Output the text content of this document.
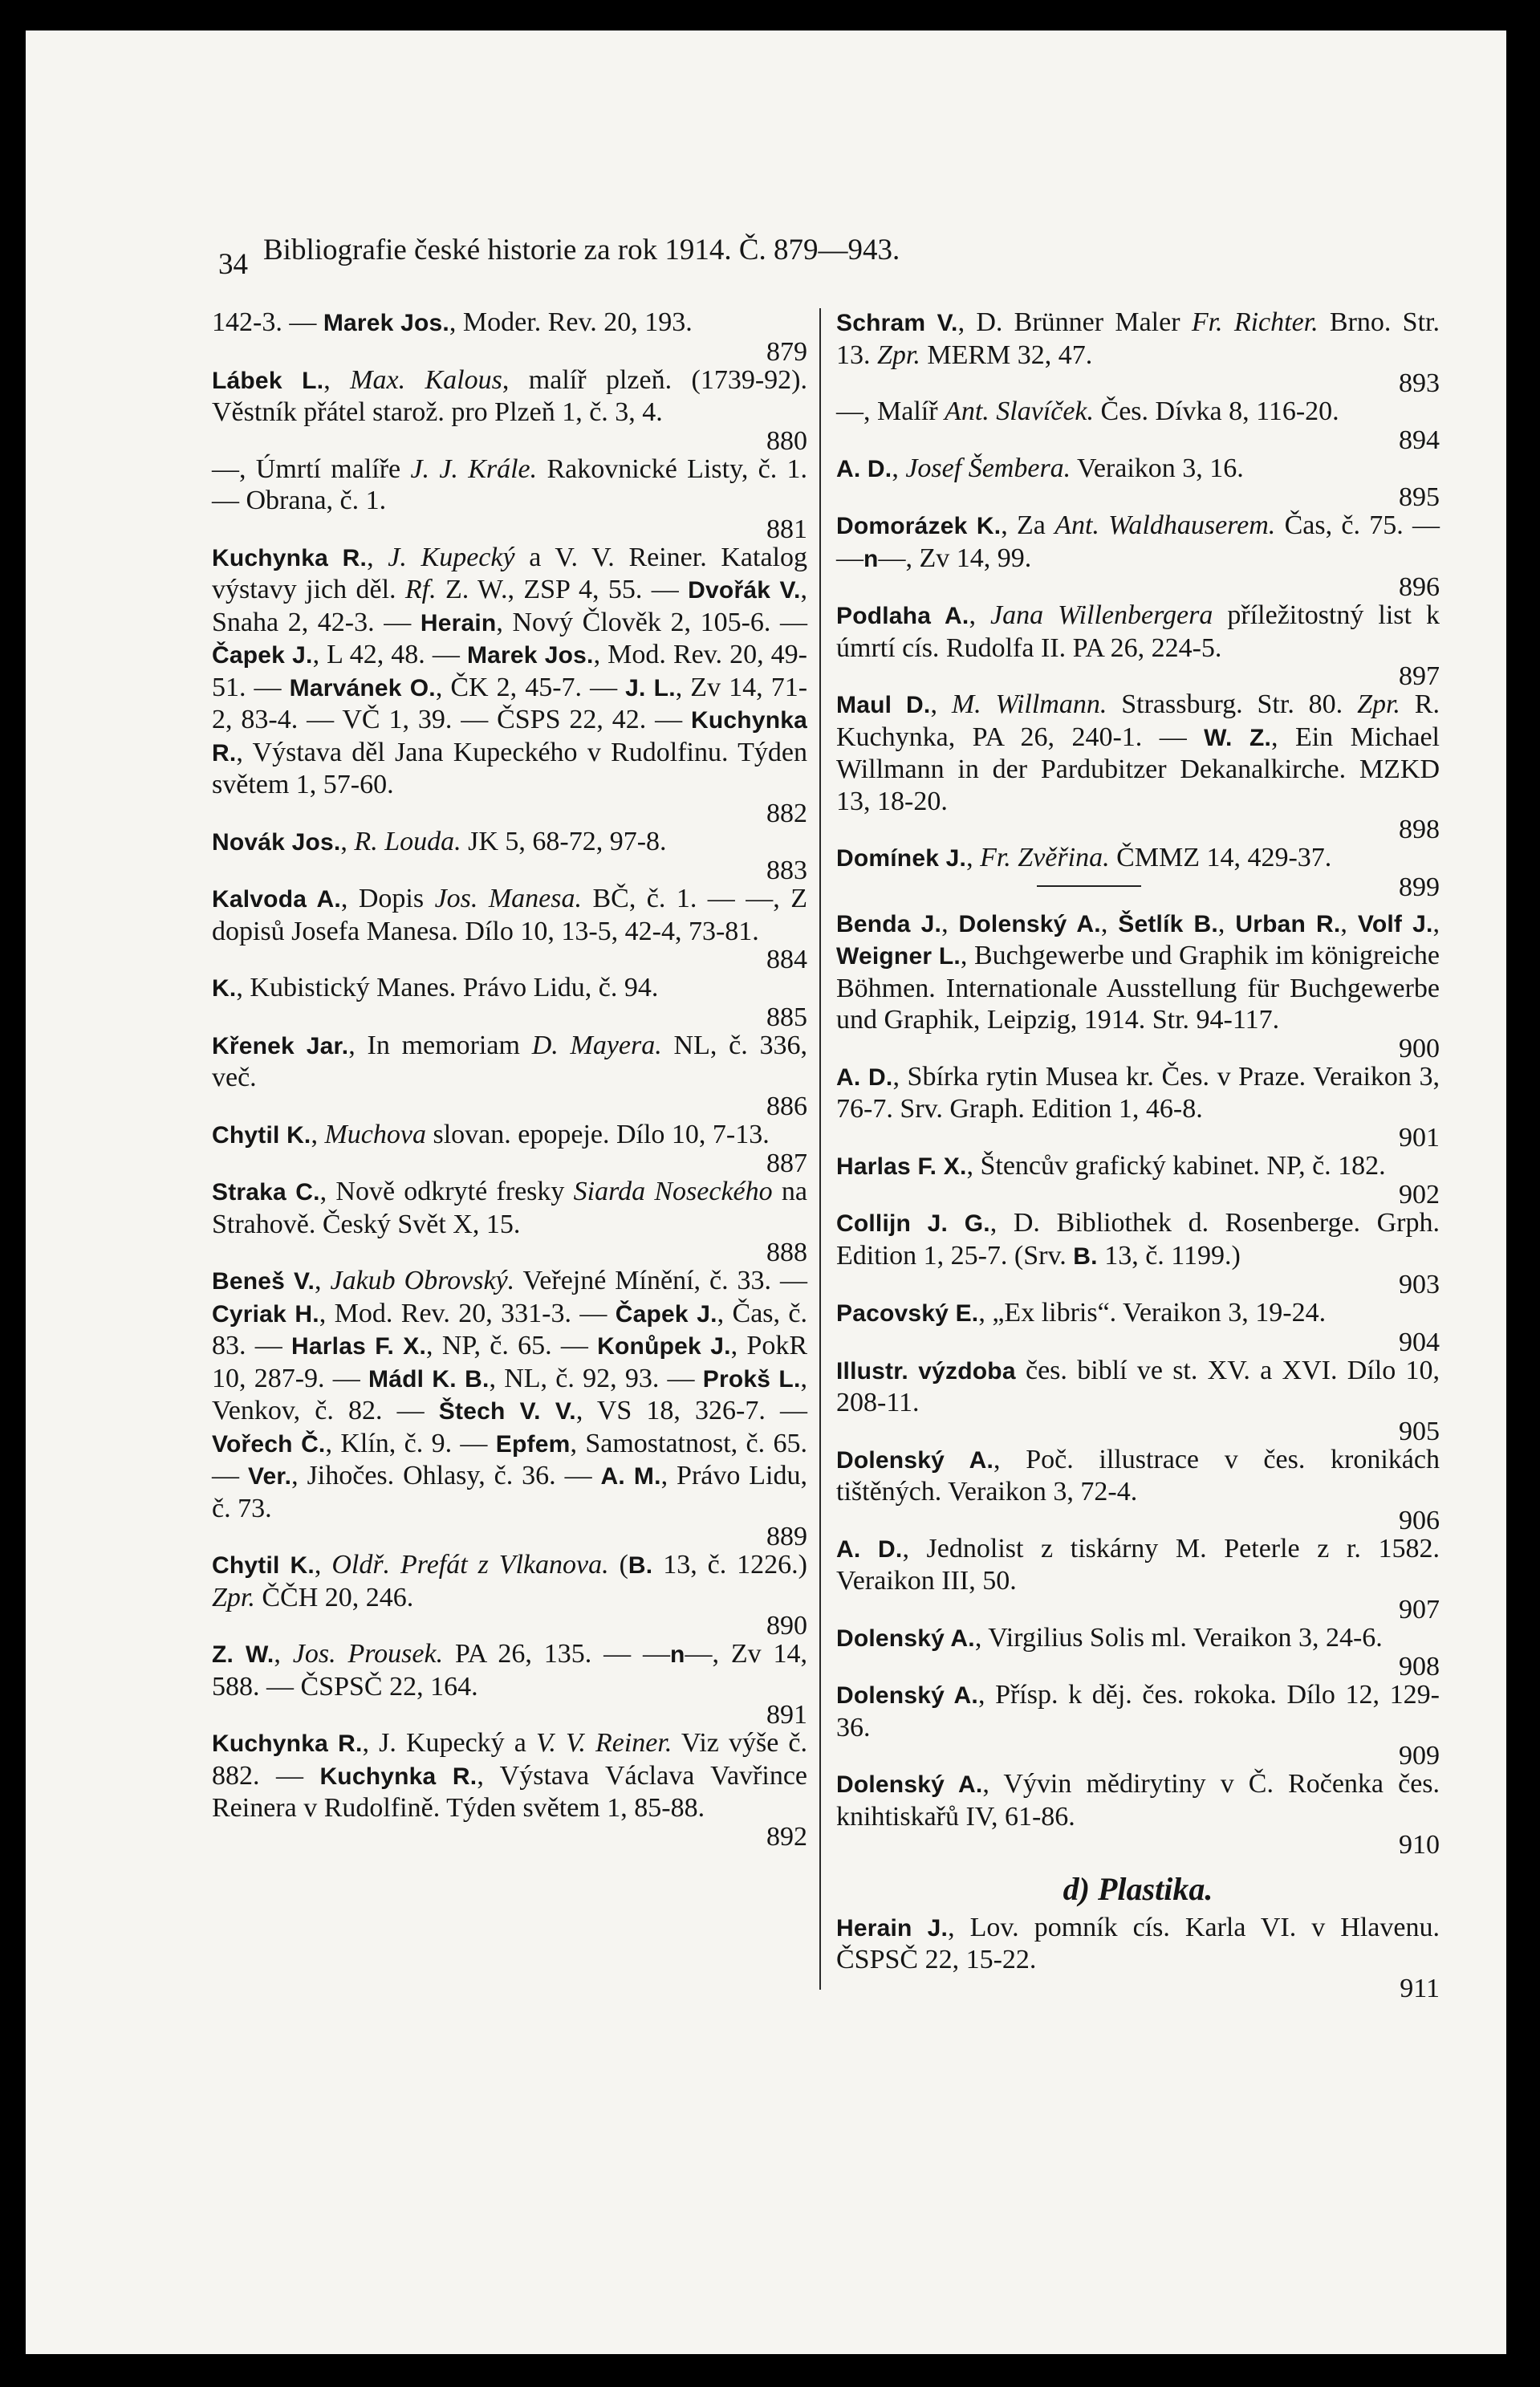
34 Bibliografie české historie za rok 1914. Č. 879—943.
142-3. — Marek Jos., Moder. Rev. 20, 193.
879
Lábek L., Max. Kalous, malíř plzeň. (1739-92). Věstník přátel starož. pro Plzeň 1, č. 3, 4.
880
—, Úmrtí malíře J. J. Krále. Rakovnické Listy, č. 1. — Obrana, č. 1.
881
Kuchynka R., J. Kupecký a V. V. Reiner. Katalog výstavy jich děl. Rf. Z. W., ZSP 4, 55. — Dvořák V., Snaha 2, 42-3. — Herain, Nový Člověk 2, 105-6. — Čapek J., L 42, 48. — Marek Jos., Mod. Rev. 20, 49-51. — Marvánek O., ČK 2, 45-7. — J. L., Zv 14, 71-2, 83-4. — VČ 1, 39. — ČSPS 22, 42. — Kuchynka R., Výstava děl Jana Kupeckého v Rudolfinu. Týden světem 1, 57-60.
882
Novák Jos., R. Louda. JK 5, 68-72, 97-8.
883
Kalvoda A., Dopis Jos. Manesa. BČ, č. 1. — —, Z dopisů Josefa Manesa. Dílo 10, 13-5, 42-4, 73-81.
884
K., Kubistický Manes. Právo Lidu, č. 94.
885
Křenek Jar., In memoriam D. Mayera. NL, č. 336, več.
886
Chytil K., Muchova slovan. epopeje. Dílo 10, 7-13.
887
Straka C., Nově odkryté fresky Siarda Noseckého na Strahově. Český Svět X, 15.
888
Beneš V., Jakub Obrovský. Veřejné Mínění, č. 33. — Cyriak H., Mod. Rev. 20, 331-3. — Čapek J., Čas, č. 83. — Harlas F. X., NP, č. 65. — Konůpek J., PokR 10, 287-9. — Mádl K. B., NL, č. 92, 93. — Prokš L., Venkov, č. 82. — Štech V. V., VS 18, 326-7. — Vořech Č., Klín, č. 9. — Epfem, Samostatnost, č. 65. — Ver., Jihočes. Ohlasy, č. 36. — A. M., Právo Lidu, č. 73.
889
Chytil K., Oldř. Prefát z Vlkanova. (B. 13, č. 1226.) Zpr. ČČH 20, 246.
890
Z. W., Jos. Prousek. PA 26, 135. — —n—, Zv 14, 588. — ČSPSČ 22, 164.
891
Kuchynka R., J. Kupecký a V. V. Reiner. Viz výše č. 882. — Kuchynka R., Výstava Václava Vavřince Reinera v Rudolfině. Týden světem 1, 85-88.
892
Schram V., D. Brünner Maler Fr. Richter. Brno. Str. 13. Zpr. MERM 32, 47.
893
—, Malíř Ant. Slavíček. Čes. Dívka 8, 116-20.
894
A. D., Josef Šembera. Veraikon 3, 16.
895
Domorázek K., Za Ant. Waldhauserem. Čas, č. 75. — —n—, Zv 14, 99.
896
Podlaha A., Jana Willenbergera příležitostný list k úmrtí cís. Rudolfa II. PA 26, 224-5.
897
Maul D., M. Willmann. Strassburg. Str. 80. Zpr. R. Kuchynka, PA 26, 240-1. — W. Z., Ein Michael Willmann in der Pardubitzer Dekanalkirche. MZKD 13, 18-20.
898
Domínek J., Fr. Zvěřina. ČMMZ 14, 429-37.
899
Benda J., Dolenský A., Šetlík B., Urban R., Volf J., Weigner L., Buchgewerbe und Graphik im königreiche Böhmen. Internationale Ausstellung für Buchgewerbe und Graphik, Leipzig, 1914. Str. 94-117.
900
A. D., Sbírka rytin Musea kr. Čes. v Praze. Veraikon 3, 76-7. Srv. Graph. Edition 1, 46-8.
901
Harlas F. X., Štencův grafický kabinet. NP, č. 182.
902
Collijn J. G., D. Bibliothek d. Rosenberge. Grph. Edition 1, 25-7. (Srv. B. 13, č. 1199.)
903
Pacovský E., „Ex libris“. Veraikon 3, 19-24.
904
Illustr. výzdoba čes. biblí ve st. XV. a XVI. Dílo 10, 208-11.
905
Dolenský A., Poč. illustrace v čes. kronikách tištěných. Veraikon 3, 72-4.
906
A. D., Jednolist z tiskárny M. Peterle z r. 1582. Veraikon III, 50.
907
Dolenský A., Virgilius Solis ml. Veraikon 3, 24-6.
908
Dolenský A., Přísp. k děj. čes. rokoka. Dílo 12, 129-36.
909
Dolenský A., Vývin mědirytiny v Č. Ročenka čes. knihtiskařů IV, 61-86.
910
d) Plastika.
Herain J., Lov. pomník cís. Karla VI. v Hlavenu. ČSPSČ 22, 15-22.
911
